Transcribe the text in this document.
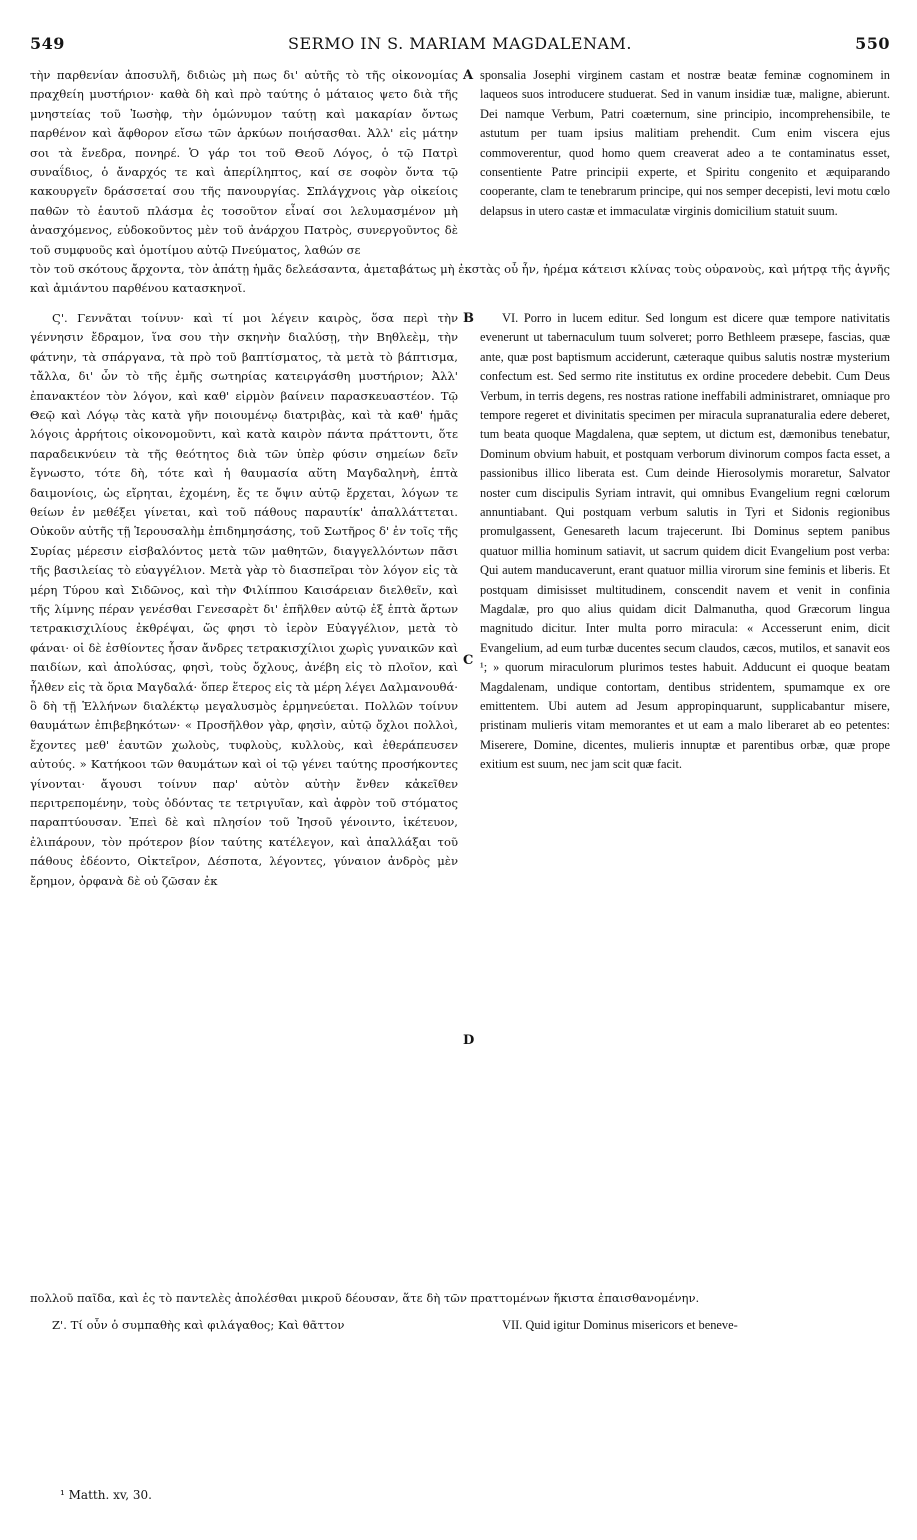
549	SERMO IN S. MARIAM MAGDALENAM.	550
τὴν παρθενίαν ἀποσυλῆ, διδιὼς μὴ πως δι' αὐτῆς τὸ τῆς οἰκονομίας πραχθείη μυστήριον· καθὰ δὴ καὶ πρὸ ταύτης ὁ μάταιος ψετο διὰ τῆς μνηστείας τοῦ Ἰωσὴφ, τὴν ὁμώνυμον ταύτῃ καὶ μακαρίαν ὄντως παρθένον καὶ ἄφθορον εἴσω τῶν ἀρκύων ποιήσασθαι. Ἀλλ' εἰς μάτην σοι τὰ ἔνεδρα, πονηρέ. Ὁ γάρ τοι τοῦ Θεοῦ Λόγος, ὁ τῷ Πατρὶ συναΐδιος, ὁ ἄναρχός τε καὶ ἀπερίληπτος, καί σε σοφὸν ὄντα τῷ κακουργεῖν δράσσεταί σου τῆς πανουργίας. Σπλάγχνοις γὰρ οἰκείοις παθῶν τὸ ἑαυτοῦ πλάσμα ἐς τοσοῦτον εἶναί σοι λελυμασμένον μὴ ἀνασχόμενος, εὐδοκοῦντος μὲν τοῦ ἀνάρχου Πατρὸς, συνεργοῦντος δὲ τοῦ συμφυοῦς καὶ ὁμοτίμου αὐτῷ Πνεύματος, λαθών σε
A sponsalia Josephi virginem castam et nostræ beatæ feminæ cognominem in laqueos suos introducere studuerat. Sed in vanum insidiæ tuæ, maligne, abierunt. Dei namque Verbum, Patri coæternum, sine principio, incomprehensibile, te astutum per tuam ipsius malitiam prehendit. Cum enim viscera ejus commoverentur, quod homo quem creaverat adeo a te contaminatus esset, consentiente Patre principii experte, et Spiritu congenito et æquiparando cooperante, clam te tenebrarum principe, qui nos semper decepisti, levi motu cœlo delapsus in utero castæ et immaculatæ virginis domicilium statuit suum.

τὸν τοῦ σκότους ἄρχοντα, τὸν ἀπάτῃ ἡμᾶς δελεάσαντα, ἀμεταβάτως μὴ ἐκστὰς οὗ ἦν, ἠρέμα κάτεισι κλίνας τοὺς οὐρανοὺς, καὶ μήτρᾳ τῆς ἁγνῆς καὶ ἀμιάντου παρθένου κατασκηνοῖ.

Ϛ'. Γεννᾶται τοίνυν· καὶ τί μοι λέγειν καιρὸς, ὅσα περὶ τὴν γέννησιν ἔδραμον, ἵνα σου τὴν σκηνὴν διαλύσῃ, τὴν Βηθλεὲμ, τὴν φάτνην, τὰ σπάργανα, τὰ πρὸ τοῦ βαπτίσματος, τὰ μετὰ τὸ βάπτισμα, τἄλλα, δι' ὧν τὸ τῆς ἐμῆς σωτηρίας κατειργάσθη μυστήριον; Ἀλλ' ἐπανακτέον τὸν λόγον, καὶ καθ' εἱρμὸν βαίνειν παρασκευαστέον. Τῷ Θεῷ καὶ Λόγῳ τὰς κατὰ γῆν ποιουμένῳ διατριβὰς, καὶ τὰ καθ' ἡμᾶς λόγοις ἀρρήτοις οἰκονομοῦντι, καὶ κατὰ καιρὸν πάντα πράττοντι, ὅτε παραδεικνύειν τὰ τῆς θεότητος διὰ τῶν ὑπὲρ φύσιν σημείων δεῖν ἔγνωστο, τότε δὴ, τότε καὶ ἡ θαυμασία αὕτη Μαγδαληνὴ, ἑπτὰ δαιμονίοις, ὡς εἴρηται, ἐχομένη, ἔς τε ὄψιν αὐτῷ ἔρχεται, λόγων τε θείων ἐν μεθέξει γίνεται, καὶ τοῦ πάθους παραυτίκ' ἀπαλλάττεται. Οὐκοῦν αὐτῆς τῇ Ἱερουσαλὴμ ἐπιδημησάσης, τοῦ Σωτῆρος δ' ἐν τοῖς τῆς Συρίας μέρεσιν εἰσβαλόντος μετὰ τῶν μαθητῶν, διαγγελλόντων πᾶσι τῆς βασιλείας τὸ εὐαγγέλιον. Μετὰ γὰρ τὸ διασπεῖραι τὸν λόγον εἰς τὰ μέρη Τύρου καὶ Σιδῶνος, καὶ τὴν Φιλίππου Καισάρειαν διελθεῖν, καὶ τῆς λίμνης πέραν γενέσθαι Γενεσαρὲτ δι' ἐπῆλθεν αὐτῷ ἐξ ἑπτὰ ἄρτων τετρακισχιλίους ἐκθρέψαι, ὥς φησι τὸ ἱερὸν Εὐαγγέλιον, μετὰ τὸ φάναι· οἱ δὲ ἐσθίοντες ἦσαν ἄνδρες τετρακισχίλιοι χωρὶς γυναικῶν καὶ παιδίων, καὶ ἀπολύσας, φησὶ, τοὺς ὄχλους, ἀνέβη εἰς τὸ πλοῖον, καὶ ἦλθεν εἰς τὰ ὅρια Μαγδαλά· ὅπερ ἕτερος εἰς τὰ μέρη λέγει Δαλμανουθά· ὃ δὴ τῇ Ἑλλήνων διαλέκτῳ μεγαλυσμὸς ἑρμηνεύεται. Πολλῶν τοίνυν θαυμάτων ἐπιβεβηκότων· « Προσῆλθον γὰρ, φησὶν, αὐτῷ ὄχλοι πολλοὶ, ἔχοντες μεθ' ἑαυτῶν χωλοὺς, τυφλοὺς, κυλλοὺς, καὶ ἐθεράπευσεν αὐτούς. » Κατήκοοι τῶν θαυμάτων καὶ οἱ τῷ γένει ταύτης προσήκοντες γίνονται· ἄγουσι τοίνυν παρ' αὐτὸν αὐτὴν ἔνθεν κἀκεῖθεν περιτρεπομένην, τοὺς ὀδόντας τε τετριγυῖαν, καὶ ἀφρὸν τοῦ στόματος παραπτύουσαν. Ἐπεὶ δὲ καὶ πλησίον τοῦ Ἰησοῦ γένοιντο, ἱκέτευον, ἐλιπάρουν, τὸν πρότερον βίον ταύτης κατέλεγον, καὶ ἀπαλλάξαι τοῦ πάθους ἐδέοντο, Οἰκτεῖρον, Δέσποτα, λέγοντες, γύναιον ἀνδρὸς μὲν ἔρημον, ὀρφανὰ δὲ οὐ ζῶσαν ἐκ
B
C
D
VI. Porro in lucem editur. Sed longum est dicere quæ tempore nativitatis evenerunt ut tabernaculum tuum solveret; porro Bethleem præsepe, fascias, quæ ante, quæ post baptismum acciderunt, cæteraque quibus salutis nostræ mysterium confectum est. Sed sermo rite institutus ex ordine procedere debebit. Cum Deus Verbum, in terris degens, res nostras ratione ineffabili administraret, omniaque pro tempore regeret et divinitatis specimen per miracula supranaturalia edere deberet, tum beata quoque Magdalena, quæ septem, ut dictum est, dæmonibus tenebatur, Dominum obvium habuit, et postquam verborum divinorum compos facta esset, a passionibus illico liberata est. Cum deinde Hierosolymis moraretur, Salvator noster cum discipulis Syriam intravit, qui omnibus Evangelium regni cœlorum annuntiabant. Qui postquam verbum salutis in Tyri et Sidonis regionibus promulgassent, Genesareth lacum trajecerunt. Ibi Dominus septem panibus quatuor millia hominum satiavit, ut sacrum quidem dicit Evangelium post verba: Qui autem manducaverunt, erant quatuor millia virorum sine feminis et liberis. Et postquam dimisisset multitudinem, conscendit navem et venit in confinia Magdalæ, pro quo alius quidam dicit Dalmanutha, quod Græcorum lingua magnitudo dicitur. Inter multa porro miracula: « Accesserunt enim, dicit Evangelium, ad eum turbæ ducentes secum claudos, cæcos, mutilos, et sanavit eos ¹; » quorum miraculorum plurimos testes habuit. Adducunt ei quoque beatam Magdalenam, undique contortam, dentibus stridentem, spumamque ex ore emittentem. Ubi autem ad Jesum appropinquarunt, supplicabantur misere, pristinam mulieris vitam memorantes et ut eam a malo liberaret ab eo petentes: Miserere, Domine, dicentes, mulieris innuptæ et parentibus orbæ, quæ prope exitium est suum, nec jam scit quæ facit.

πολλοῦ παῖδα, καὶ ἐς τὸ παντελὲς ἀπολέσθαι μικροῦ δέουσαν, ἅτε δὴ τῶν πραττομένων ἥκιστα ἐπαισθανομένην.

Ζ'. Τί οὖν ὁ συμπαθὴς καὶ φιλάγαθος; Καὶ θᾶττον	VII. Quid igitur Dominus misericors et beneve-
¹ Matth. xv, 30.
